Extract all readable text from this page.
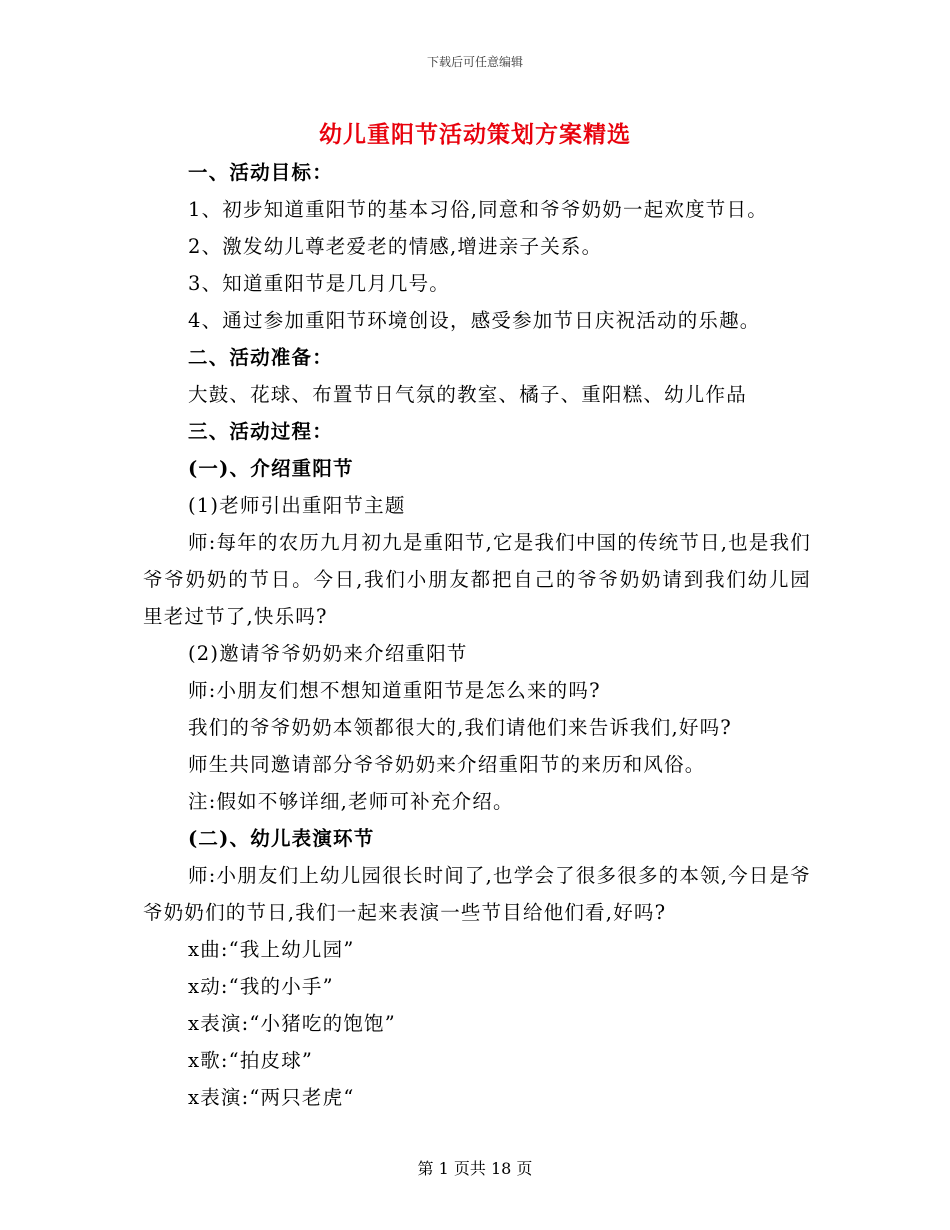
下载后可任意编辑
幼儿重阳节活动策划方案精选
一、活动目标：
1、初步知道重阳节的基本习俗,同意和爷爷奶奶一起欢度节日。
2、激发幼儿尊老爱老的情感,增进亲子关系。
3、知道重阳节是几月几号。
4、通过参加重阳节环境创设，感受参加节日庆祝活动的乐趣。
二、活动准备：
大鼓、花球、布置节日气氛的教室、橘子、重阳糕、幼儿作品
三、活动过程：
(一)、介绍重阳节
(1)老师引出重阳节主题
师:每年的农历九月初九是重阳节,它是我们中国的传统节日,也是我们爷爷奶奶的节日。今日,我们小朋友都把自己的爷爷奶奶请到我们幼儿园里老过节了,快乐吗?
(2)邀请爷爷奶奶来介绍重阳节
师:小朋友们想不想知道重阳节是怎么来的吗?
我们的爷爷奶奶本领都很大的,我们请他们来告诉我们,好吗?
师生共同邀请部分爷爷奶奶来介绍重阳节的来历和风俗。
注:假如不够详细,老师可补充介绍。
(二)、幼儿表演环节
师:小朋友们上幼儿园很长时间了,也学会了很多很多的本领,今日是爷爷奶奶们的节日,我们一起来表演一些节目给他们看,好吗?
x曲:“我上幼儿园”
x动:“我的小手”
x表演:“小猪吃的饱饱”
x歌:“拍皮球”
x表演:“两只老虎“
第 1 页共 18 页
